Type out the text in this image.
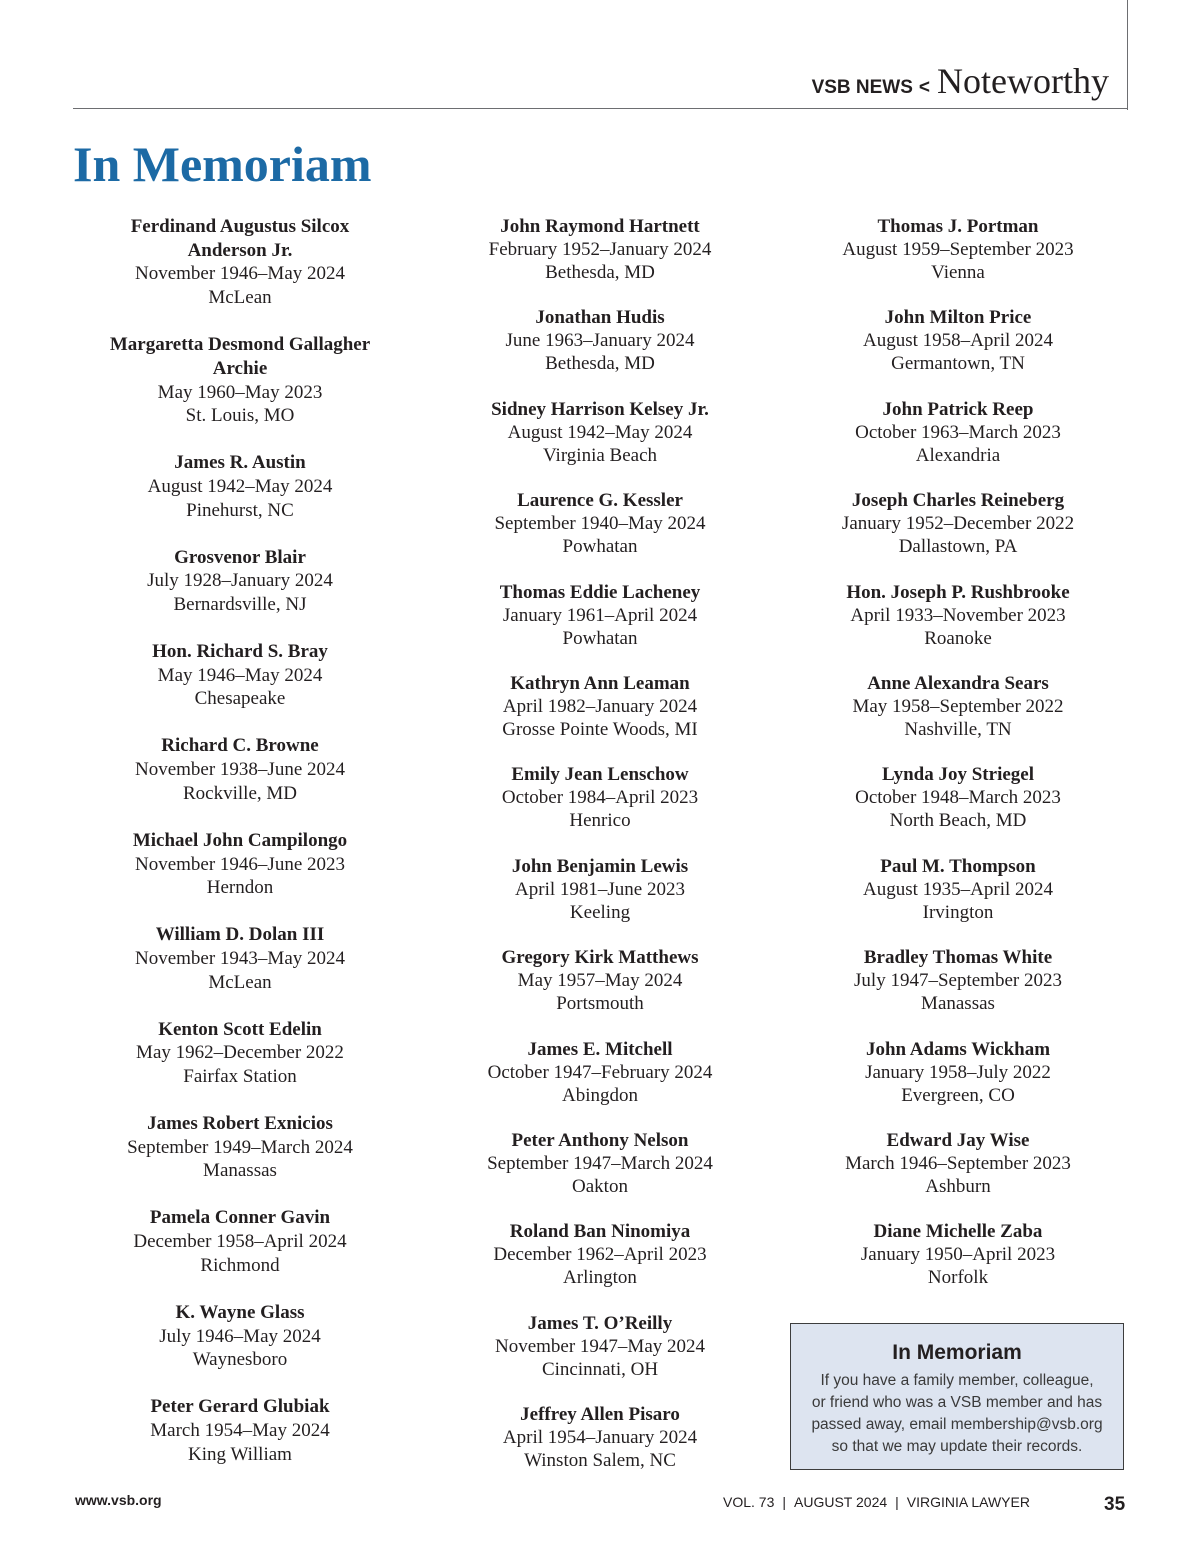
VSB NEWS < Noteworthy
In Memoriam
Ferdinand Augustus Silcox Anderson Jr.
November 1946–May 2024
McLean
Margaretta Desmond Gallagher Archie
May 1960–May 2023
St. Louis, MO
James R. Austin
August 1942–May 2024
Pinehurst, NC
Grosvenor Blair
July 1928–January 2024
Bernardsville, NJ
Hon. Richard S. Bray
May 1946–May 2024
Chesapeake
Richard C. Browne
November 1938–June 2024
Rockville, MD
Michael John Campilongo
November 1946–June 2023
Herndon
William D. Dolan III
November 1943–May 2024
McLean
Kenton Scott Edelin
May 1962–December 2022
Fairfax Station
James Robert Exnicios
September 1949–March 2024
Manassas
Pamela Conner Gavin
December 1958–April 2024
Richmond
K. Wayne Glass
July 1946–May 2024
Waynesboro
Peter Gerard Glubiak
March 1954–May 2024
King William
John Raymond Hartnett
February 1952–January 2024
Bethesda, MD
Jonathan Hudis
June 1963–January 2024
Bethesda, MD
Sidney Harrison Kelsey Jr.
August 1942–May 2024
Virginia Beach
Laurence G. Kessler
September 1940–May 2024
Powhatan
Thomas Eddie Lacheney
January 1961–April 2024
Powhatan
Kathryn Ann Leaman
April 1982–January 2024
Grosse Pointe Woods, MI
Emily Jean Lenschow
October 1984–April 2023
Henrico
John Benjamin Lewis
April 1981–June 2023
Keeling
Gregory Kirk Matthews
May 1957–May 2024
Portsmouth
James E. Mitchell
October 1947–February 2024
Abingdon
Peter Anthony Nelson
September 1947–March 2024
Oakton
Roland Ban Ninomiya
December 1962–April 2023
Arlington
James T. O’Reilly
November 1947–May 2024
Cincinnati, OH
Jeffrey Allen Pisaro
April 1954–January 2024
Winston Salem, NC
Thomas J. Portman
August 1959–September 2023
Vienna
John Milton Price
August 1958–April 2024
Germantown, TN
John Patrick Reep
October 1963–March 2023
Alexandria
Joseph Charles Reineberg
January 1952–December 2022
Dallastown, PA
Hon. Joseph P. Rushbrooke
April 1933–November 2023
Roanoke
Anne Alexandra Sears
May 1958–September 2022
Nashville, TN
Lynda Joy Striegel
October 1948–March 2023
North Beach, MD
Paul M. Thompson
August 1935–April 2024
Irvington
Bradley Thomas White
July 1947–September 2023
Manassas
John Adams Wickham
January 1958–July 2022
Evergreen, CO
Edward Jay Wise
March 1946–September 2023
Ashburn
Diane Michelle Zaba
January 1950–April 2023
Norfolk
In Memoriam
If you have a family member, colleague,
or friend who was a VSB member and has
passed away, email membership@vsb.org
so that we may update their records.
www.vsb.org	VOL. 73 | AUGUST 2024 | VIRGINIA LAWYER	35
